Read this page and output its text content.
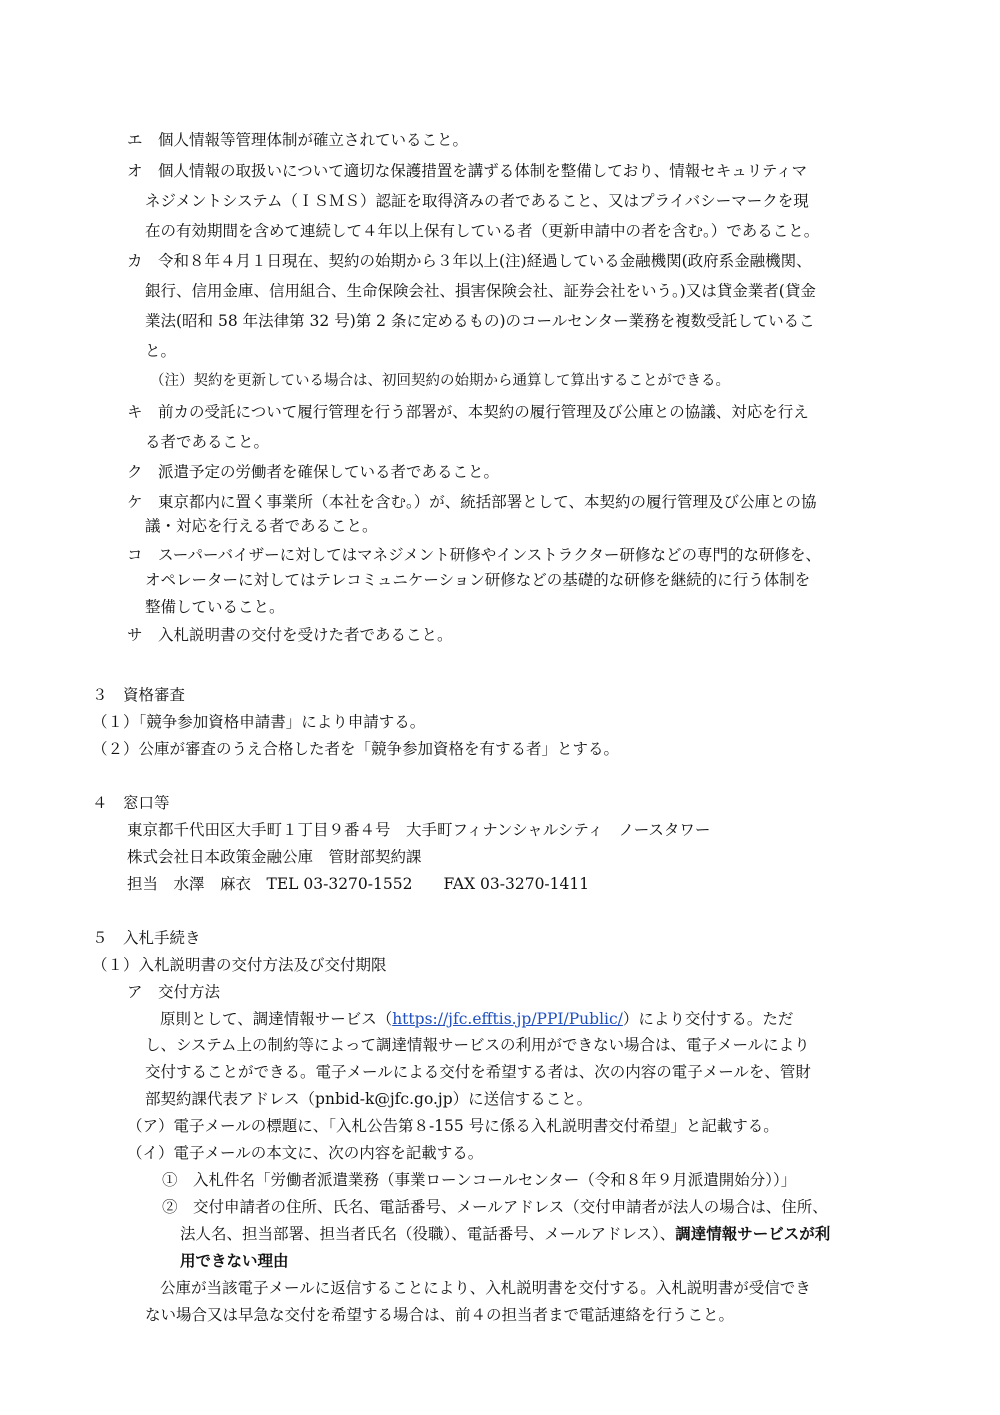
エ　個人情報等管理体制が確立されていること。
オ　個人情報の取扱いについて適切な保護措置を講ずる体制を整備しており、情報セキュリティマ
ネジメントシステム（ＩＳＭＳ）認証を取得済みの者であること、又はプライバシーマークを現
在の有効期間を含めて連続して４年以上保有している者（更新申請中の者を含む。）であること。
カ　令和８年４月１日現在、契約の始期から３年以上(注)経過している金融機関(政府系金融機関、
銀行、信用金庫、信用組合、生命保険会社、損害保険会社、証券会社をいう。)又は貸金業者(貸金
業法(昭和 58 年法律第 32 号)第 2 条に定めるもの)のコールセンター業務を複数受託しているこ
と。
（注）契約を更新している場合は、初回契約の始期から通算して算出することができる。
キ　前カの受託について履行管理を行う部署が、本契約の履行管理及び公庫との協議、対応を行え
る者であること。
ク　派遣予定の労働者を確保している者であること。
ケ　東京都内に置く事業所（本社を含む。）が、統括部署として、本契約の履行管理及び公庫との協
議・対応を行える者であること。
コ　スーパーバイザーに対してはマネジメント研修やインストラクター研修などの専門的な研修を、
オペレーターに対してはテレコミュニケーション研修などの基礎的な研修を継続的に行う体制を
整備していること。
サ　入札説明書の交付を受けた者であること。
３　資格審査
（１）「競争参加資格申請書」により申請する。
（２）公庫が審査のうえ合格した者を「競争参加資格を有する者」とする。
４　窓口等
東京都千代田区大手町１丁目９番４号　大手町フィナンシャルシティ　ノースタワー
株式会社日本政策金融公庫　管財部契約課
担当　水澤　麻衣　TEL 03-3270-1552　　FAX 03-3270-1411
５　入札手続き
（１）入札説明書の交付方法及び交付期限
ア　交付方法
原則として、調達情報サービス（https://jfc.efftis.jp/PPI/Public/）により交付する。ただ
し、システム上の制約等によって調達情報サービスの利用ができない場合は、電子メールにより
交付することができる。電子メールによる交付を希望する者は、次の内容の電子メールを、管財
部契約課代表アドレス（pnbid-k@jfc.go.jp）に送信すること。
（ア）電子メールの標題に、「入札公告第８-155 号に係る入札説明書交付希望」と記載する。
（イ）電子メールの本文に、次の内容を記載する。
①　入札件名「労働者派遣業務（事業ローンコールセンター（令和８年９月派遣開始分））」
②　交付申請者の住所、氏名、電話番号、メールアドレス（交付申請者が法人の場合は、住所、
法人名、担当部署、担当者氏名（役職）、電話番号、メールアドレス）、調達情報サービスが利
用できない理由
公庫が当該電子メールに返信することにより、入札説明書を交付する。入札説明書が受信でき
ない場合又は早急な交付を希望する場合は、前４の担当者まで電話連絡を行うこと。
